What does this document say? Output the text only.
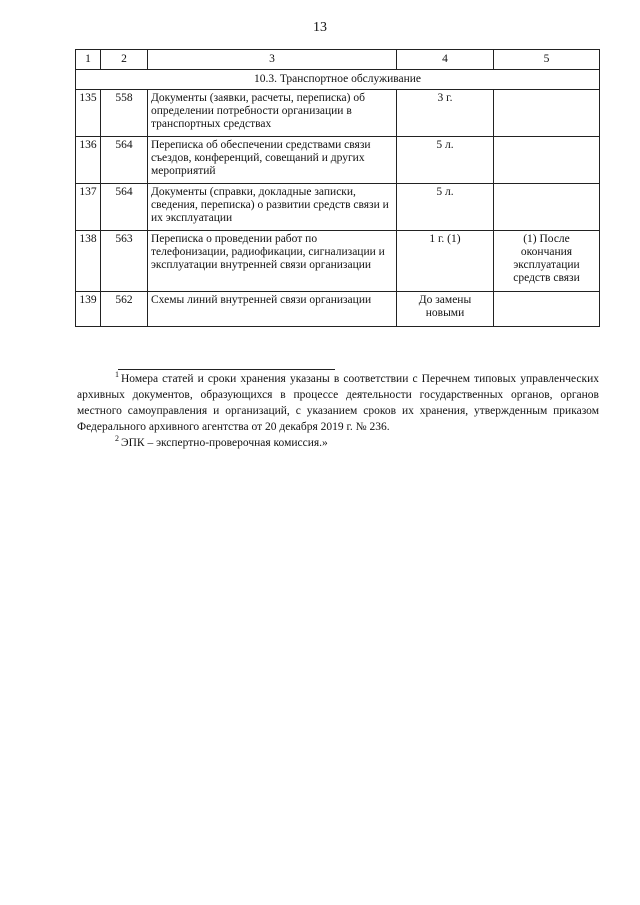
13
1	2	3	4	5
10.3. Транспортное обслуживание				
135	558	Документы (заявки, расчеты, переписка) об определении потребности организации в транспортных средствах	3 г.	
136	564	Переписка об обеспечении средствами связи съездов, конференций, совещаний и других мероприятий	5 л.	
137	564	Документы (справки, докладные записки, сведения, переписка) о развитии средств связи и их эксплуатации	5 л.	
138	563	Переписка о проведении работ по телефонизации, радиофикации, сигнализации и эксплуатации внутренней связи организации	1 г. (1)	(1) После окончания эксплуатации средств связи
139	562	Схемы линий внутренней связи организации	До замены новыми	

$^1$ Номера статей и сроки хранения указаны в соответствии с Перечнем типовых управленческих архивных документов, образующихся в процессе деятельности государственных органов, органов местного самоуправления и организаций, с указанием сроков их хранения, утвержденным приказом Федерального архивного агентства от 20 декабря 2019 г. № 236.

$^2$ ЭПК – экспертно-проверочная комиссия.»
